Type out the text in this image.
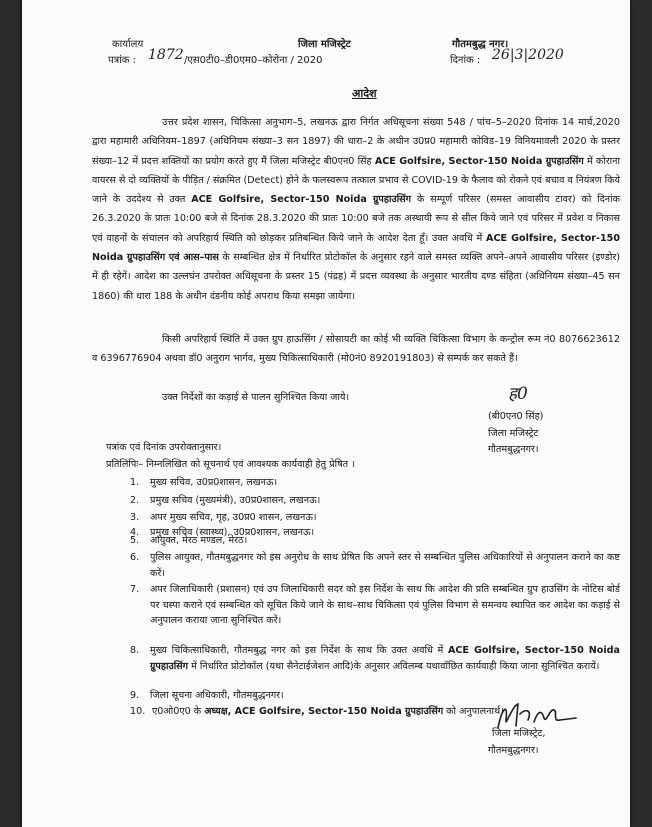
कार्यालय	जिला मजिस्ट्रेट	गौतमबुद्ध नगर।
पत्रांक : 1872 /एस0टी0–डी0एम0–कोरोना / 2020	दिनांक : 26|3|2020
आदेश
उत्तर प्रदेश शासन, चिकित्सा अनुभाग–5, लखनऊ द्वारा निर्गत अधिसूचना संख्या 548 / पांच–5–2020 दिनांक 14 मार्च,2020 द्वारा महामारी अधिनियम–1897 (अधिनियम संख्या–3 सन 1897) की धारा–2 के अधीन उ0प्र0 महामारी कोविड–19 विनियमावली 2020 के प्रस्तर संख्या–12 में प्रदत्त शक्तियों का प्रयोग करते हुए मैं जिला मजिस्ट्रेट बी0एन0 सिंह ACE Golfsire, Sector-150 Noida ग्रुपहाउसिंग में कोराना वायरस से दो व्यक्तियों के पीड़ित / संक्रमित (Detect) होने के फलस्वरूप तत्काल प्रभाव से COVID-19 के फैलाव को रोकने एवं बचाव व नियंत्रण किये जाने के उददेश्य से उक्त ACE Golfsire, Sector-150 Noida ग्रुपहाउसिंग के सम्पूर्ण परिसर (समस्त आवासीय टावर) को दिनांक 26.3.2020 के प्रातः 10:00 बजे से दिनांक 28.3.2020 की प्रातः 10:00 बजे तक अस्थायी रूप से सील किये जाने एवं परिसर में प्रवेश व निकास एवं वाहनों के संचालन को अपरिहार्य स्थिति को छोड़कर प्रतिबन्धित किये जाने के आदेश देता हूँ। उक्त अवधि में ACE Golfsire, Sector-150 Noida ग्रुपहाउसिंग एवं आस–पास के सम्बन्धित क्षेत्र में निर्धारित प्रोटोकॉल के अनुसार रहने वाले समस्त व्यक्ति अपने–अपने आवासीय परिसर (इण्डोर) में ही रहेगें। आदेश का उल्लघंन उपरोक्त अधिसूचना के प्रस्तर 15 (पंद्रह) में प्रदत्त व्यवस्था के अनुसार भारतीय दण्ड संहिता (अधिनियम संख्या–45 सन 1860) की धारा 188 के अधीन दंडनीय कोई अपराध किया समझा जायेगा।
किसी अपरिहार्य स्थिति में उक्त ग्रुप हाऊसिंग / सोसायटी का कोई भी व्यक्ति चिकित्सा विभाग के कन्ट्रोल रूम नं0 8076623612 व 6396776904 अथवा डॉ0 अनुराग भार्गव, मुख्य चिकित्साधिकारी (मो0नं0 8920191803) से सम्पर्क कर सकते हैं।
उक्त निर्देशों का कड़ाई से पालन सुनिश्चित किया जाये।	ह0
(बी0एन0 सिंह)
जिला मजिस्ट्रेट
गौतमबुद्धनगर।
पत्रांक एवं दिनांक उपरोक्तानुसार।
प्रतिलिपिः– निम्नलिखित को सूचनार्थ एवं आवश्यक कार्यवाही हेतु प्रेषित ।
1. मुख्य सचिव, उ0प्र0शासन, लखनऊ।
2. प्रमुख सचिव (मुख्यमंत्री), उ0प्र0शासन, लखनऊ।
3. अपर मुख्य सचिव, गृह, उ0प्र0 शासन, लखनऊ।
4. प्रमुख सचिव (स्वास्थ्य), उ0प्र0शासन, लखनऊ।
5. आयुक्त, मेरठ मण्डल, मेरठ।
6. पुलिस आयुक्त, गौतमबुद्धनगर को इस अनुरोध के साथ प्रेषित कि अपने स्तर से सम्बन्धित पुलिस अधिकारियों से अनुपालन कराने का कष्ट करें।
7. अपर जिलाधिकारी (प्रशासन) एवं उप जिलाधिकारी सदर को इस निर्देश के साथ कि आदेश की प्रति सम्बन्धित ग्रुप हाउसिंग के नोटिस बोर्ड पर चस्पा कराने एवं सम्बन्धित को सूचित किये जाने के साथ–साथ चिकित्सा एवं पुलिस विभाग से समन्वय स्थापित कर आदेश का कड़ाई से अनुपालन कराया जाना सुनिश्चित करें।
8. मुख्य चिकित्साधिकारी, गौतमबुद्ध नगर को इस निर्देश के साथ कि उक्त अवधि में ACE Golfsire, Sector-150 Noida ग्रुपहाउसिंग में निर्धारित प्रोटोकॉल (यथा सैनेटाईजेशन आदि)के अनुसार अविलम्ब यथावॉछित कार्यवाही किया जाना सुनिश्चित करायें।
9. जिला सूचना अधिकारी, गौतमबुद्धनगर।
10. ए0ओ0ए0 के अध्यक्ष, ACE Golfsire, Sector-150 Noida ग्रुपहाउसिंग को अनुपालनार्थ।
जिला मजिस्ट्रेट,
गौतमबुद्धनगर।
